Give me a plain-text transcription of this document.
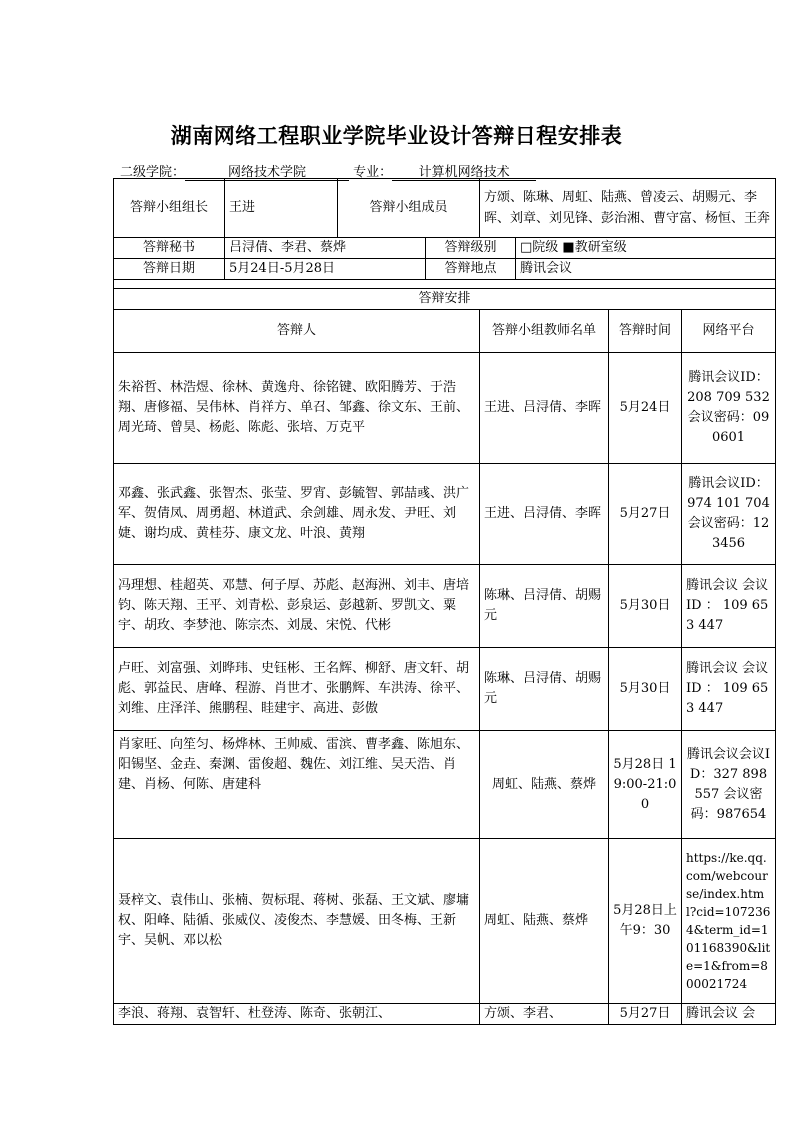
湖南网络工程职业学院毕业设计答辩日程安排表
二级学院：	网络技术学院	专业： 计算机网络技术
答辩小组组长	王进	答辩小组成员		方颂、陈琳、周虹、陆燕、曾凌云、胡赐元、李晖、刘章、刘见锋、彭治湘、曹守富、杨恒、王奔			
答辩秘书	吕浔倩、李君、蔡烨		答辩级别		□院级 ■教研室级		
答辩日期	5月24日-5月28日		答辩地点		腾讯会议		

答辩安排							
答辩人				答辩小组教师名单		答辩时间	网络平台
朱裕哲、林浩煜、徐林、黄逸舟、徐铭键、欧阳腾芳、于浩翔、唐修福、吴伟林、肖祥方、单召、邹鑫、徐文东、王前、周光琦、曾昊、杨彪、陈彪、张培、万克平				王进、吕浔倩、李晖		5月24日	腾讯会议ID：208 709 532 会议密码：090601
邓鑫、张武鑫、张智杰、张莹、罗宵、彭毓智、郭喆彧、洪广军、贺倩凤、周勇超、林道武、余剑雄、周永发、尹旺、刘婕、谢均成、黄桂芬、康文龙、叶浪、黄翔				王进、吕浔倩、李晖		5月27日	腾讯会议ID：974 101 704 会议密码：123456
冯理想、桂超英、邓慧、何子厚、苏彪、赵海洲、刘丰、唐培钧、陈天翔、王平、刘青松、彭泉运、彭越新、罗凯文、粟宇、胡玫、李梦池、陈宗杰、刘晟、宋悦、代彬				陈琳、吕浔倩、胡赐元		5月30日	腾讯会议 会议 ID ： 109 653 447
卢旺、刘富强、刘晔玮、史钰彬、王名辉、柳舒、唐文轩、胡彪、郭益民、唐峰、程游、肖世才、张鹏辉、车洪涛、徐平、刘维、庄泽洋、熊鹏程、眭建宇、高进、彭傲				陈琳、吕浔倩、胡赐元		5月30日	腾讯会议 会议 ID ： 109 653 447
肖家旺、向笙匀、杨烨林、王帅威、雷滨、曹孝鑫、陈旭东、阳锡坚、金垚、秦渊、雷俊超、魏佐、刘江维、吴天浩、肖建、肖杨、何陈、唐建科				周虹、陆燕、蔡烨		5月28日 19:00-21:00	腾讯会议会议ID：327 898 557 会议密码：987654
聂梓文、袁伟山、张楠、贺标琨、蒋树、张磊、王文斌、廖墉权、阳峰、陆循、张威仪、凌俊杰、李慧媛、田冬梅、王新宇、吴帆、邓以松				周虹、陆燕、蔡烨		5月28日上午9：30	https://ke.qq.com/webcourse/index.html?cid=1072364&term_id=101168390&lite=1&from=800021724
李浪、蒋翔、袁智轩、杜登涛、陈奇、张朝江、				方颂、李君、		5月27日	腾讯会议 会
